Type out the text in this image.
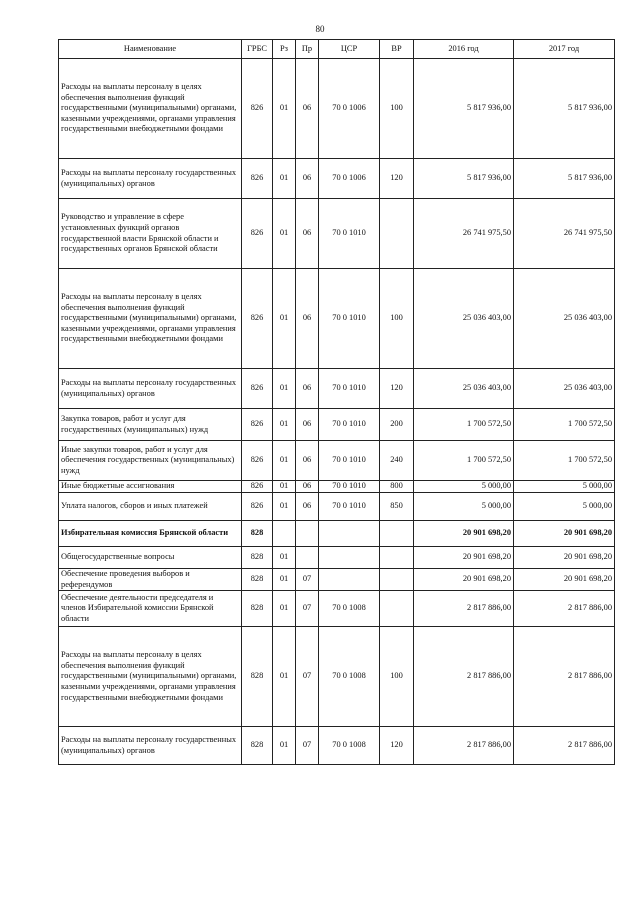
80
Наименование	ГРБС	Рз	Пр	ЦСР	ВР	2016 год	2017 год
Расходы на выплаты персоналу в целях обеспечения выполнения функций государственными (муниципальными) органами, казенными учреждениями, органами управления государственными внебюджетными фондами	826	01	06	70 0 1006	100	5 817 936,00	5 817 936,00
Расходы на выплаты персоналу государственных (муниципальных) органов	826	01	06	70 0 1006	120	5 817 936,00	5 817 936,00
Руководство и управление в сфере установленных функций органов государственной власти Брянской области и государственных органов Брянской области	826	01	06	70 0 1010		26 741 975,50	26 741 975,50
Расходы на выплаты персоналу в целях обеспечения выполнения функций государственными (муниципальными) органами, казенными учреждениями, органами управления государственными внебюджетными фондами	826	01	06	70 0 1010	100	25 036 403,00	25 036 403,00
Расходы на выплаты персоналу государственных (муниципальных) органов	826	01	06	70 0 1010	120	25 036 403,00	25 036 403,00
Закупка товаров, работ и услуг для государственных (муниципальных) нужд	826	01	06	70 0 1010	200	1 700 572,50	1 700 572,50
Иные закупки товаров, работ и услуг для обеспечения государственных (муниципальных) нужд	826	01	06	70 0 1010	240	1 700 572,50	1 700 572,50
Иные бюджетные ассигнования	826	01	06	70 0 1010	800	5 000,00	5 000,00
Уплата налогов, сборов и иных платежей	826	01	06	70 0 1010	850	5 000,00	5 000,00
Избирательная комиссия Брянской области	828					20 901 698,20	20 901 698,20
Общегосударственные вопросы	828	01				20 901 698,20	20 901 698,20
Обеспечение проведения выборов и референдумов	828	01	07			20 901 698,20	20 901 698,20
Обеспечение деятельности председателя и членов Избирательной комиссии Брянской области	828	01	07	70 0 1008		2 817 886,00	2 817 886,00
Расходы на выплаты персоналу в целях обеспечения выполнения функций государственными (муниципальными) органами, казенными учреждениями, органами управления государственными внебюджетными фондами	828	01	07	70 0 1008	100	2 817 886,00	2 817 886,00
Расходы на выплаты персоналу государственных (муниципальных) органов	828	01	07	70 0 1008	120	2 817 886,00	2 817 886,00
